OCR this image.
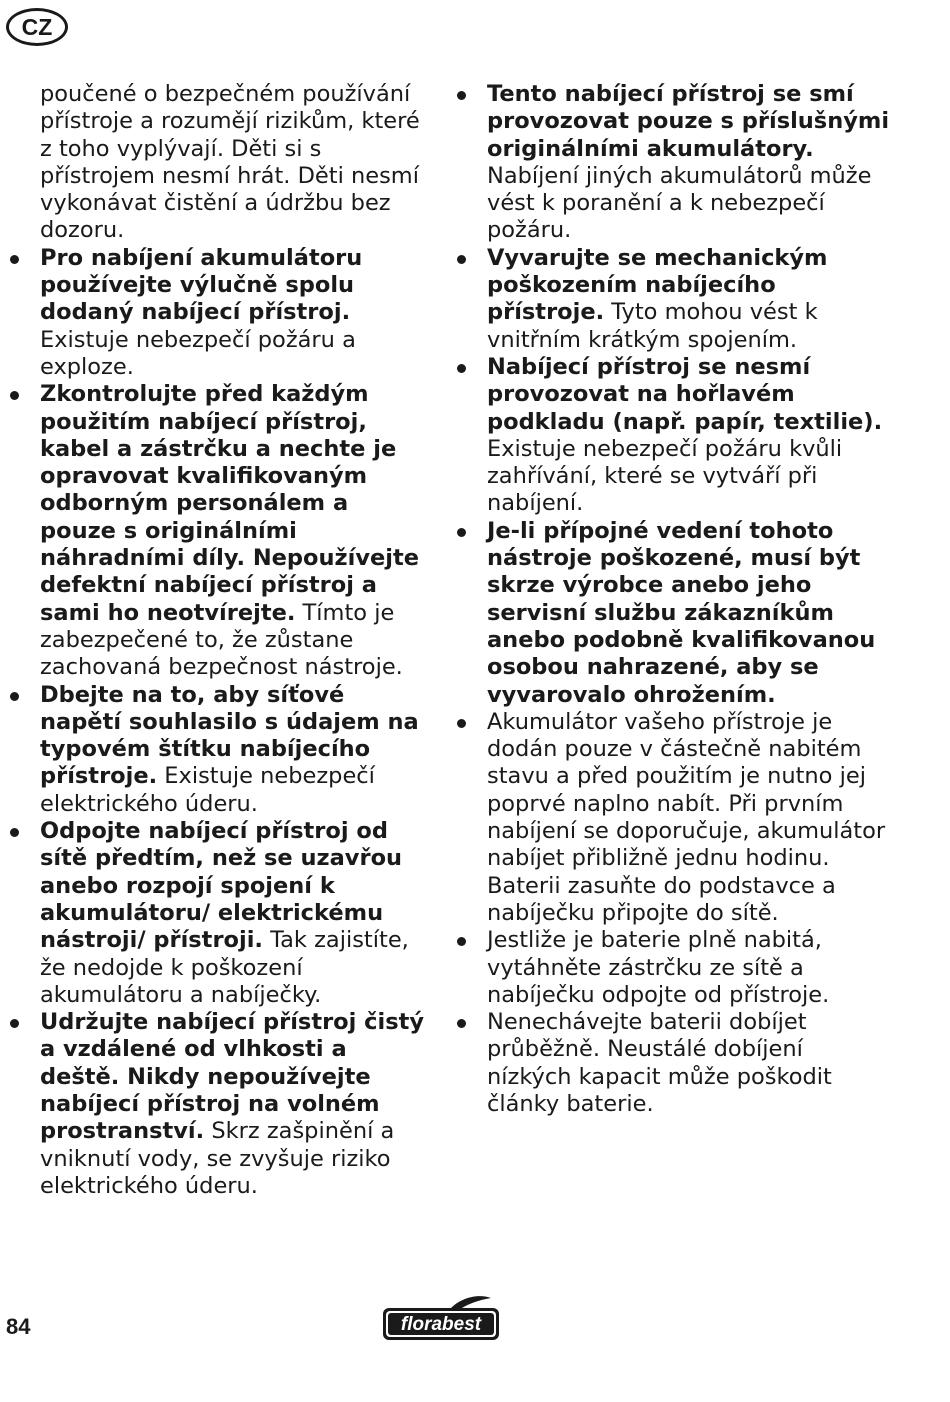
CZ

poučené o bezpečném používání přístroje a rozumějí rizikům, které z toho vyplývají. Děti si s přístrojem nesmí hrát. Děti nesmí vykonávat čistění a údržbu bez dozoru.

Pro nabíjení akumulátoru používejte výlučně spolu dodaný nabíjecí přístroj. Existuje nebezpečí požáru a exploze.
Zkontrolujte před každým použitím nabíjecí přístroj, kabel a zástrčku a nechte je opravovat kvalifikovaným odborným personálem a pouze s originálními náhradními díly. Nepoužívejte defektní nabíjecí přístroj a sami ho neotvírejte. Tímto je zabezpečené to, že zůstane zachovaná bezpečnost nástroje.
Dbejte na to, aby síťové napětí souhlasilo s údajem na typovém štítku nabíjecího přístroje. Existuje nebezpečí elektrického úderu.
Odpojte nabíjecí přístroj od sítě předtím, než se uzavřou anebo rozpojí spojení k akumulátoru/ elektrickému nástroji/ přístroji. Tak zajistíte, že nedojde k poškození akumulátoru a nabíječky.
Udržujte nabíjecí přístroj čistý a vzdálené od vlhkosti a deště. Nikdy nepoužívejte nabíjecí přístroj na volném prostranství. Skrz zašpinění a vniknutí vody, se zvyšuje riziko elektrického úderu.
Tento nabíjecí přístroj se smí provozovat pouze s příslušnými originálními akumulátory. Nabíjení jiných akumulátorů může vést k poranění a k nebezpečí požáru.
Vyvarujte se mechanickým poškozením nabíjecího přístroje. Tyto mohou vést k vnitřním krátkým spojením.
Nabíjecí přístroj se nesmí provozovat na hořlavém podkladu (např. papír, textilie). Existuje nebezpečí požáru kvůli zahřívání, které se vytváří při nabíjení.
Je-li přípojné vedení tohoto nástroje poškozené, musí být skrze výrobce anebo jeho servisní službu zákazníkům anebo podobně kvalifikovanou osobou nahrazené, aby se vyvarovalo ohrožením.
Akumulátor vašeho přístroje je dodán pouze v částečně nabitém stavu a před použitím je nutno jej poprvé naplno nabít. Při prvním nabíjení se doporučuje, akumulátor nabíjet přibližně jednu hodinu. Baterii zasuňte do podstavce a nabíječku připojte do sítě.
Jestliže je baterie plně nabitá, vytáhněte zástrčku ze sítě a nabíječku odpojte od přístroje.
Nenechávejte baterii dobíjet průběžně. Neustálé dobíjení nízkých kapacit může poškodit články baterie.
84	florabest
